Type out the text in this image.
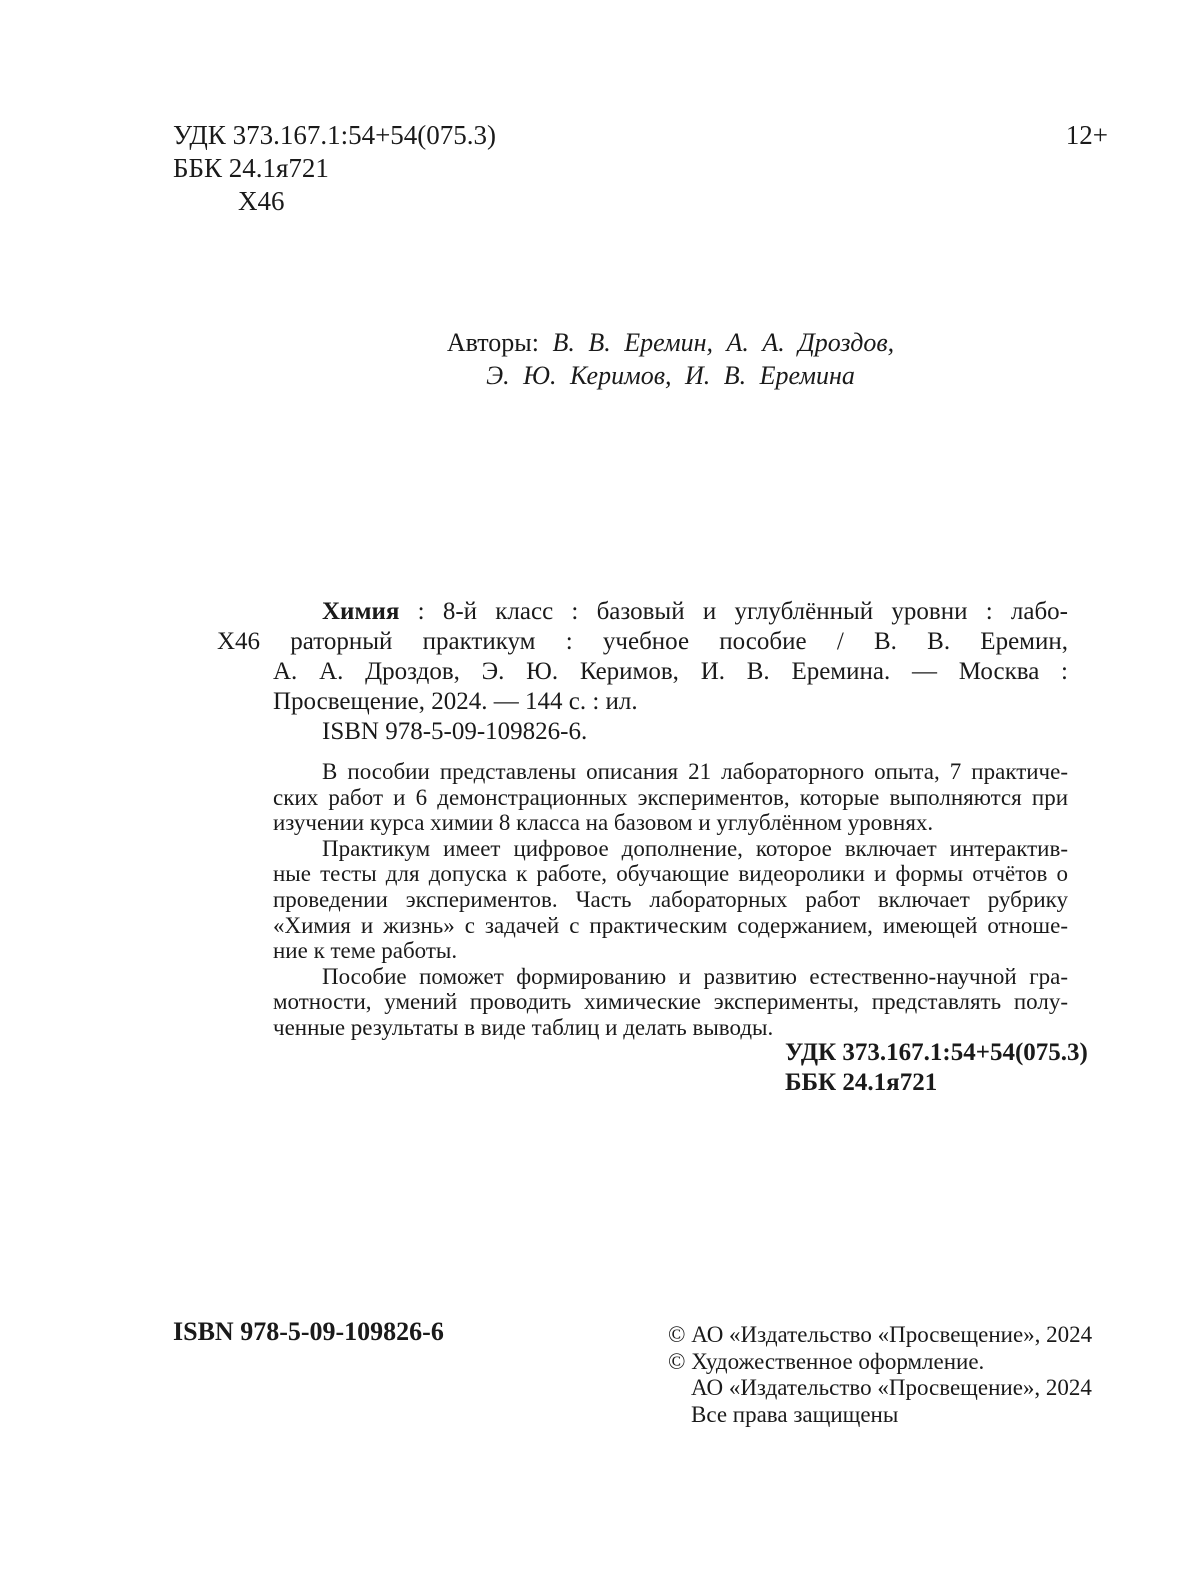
УДК 373.167.1:54+54(075.3)
ББК 24.1я721
Х46
12+
Авторы: В. В. Еремин, А. А. Дроздов,
Э. Ю. Керимов, И. В. Еремина
Химия : 8-й класс : базовый и углублённый уровни : лабо-
Х46 раторный практикум : учебное пособие / В. В. Еремин,
А. А. Дроздов, Э. Ю. Керимов, И. В. Еремина. — Москва :
Просвещение, 2024. — 144 с. : ил.
ISBN 978-5-09-109826-6.
В пособии представлены описания 21 лабораторного опыта, 7 практиче-
ских работ и 6 демонстрационных экспериментов, которые выполняются при
изучении курса химии 8 класса на базовом и углублённом уровнях.
Практикум имеет цифровое дополнение, которое включает интерактив-
ные тесты для допуска к работе, обучающие видеоролики и формы отчётов о
проведении экспериментов. Часть лабораторных работ включает рубрику
«Химия и жизнь» с задачей с практическим содержанием, имеющей отноше-
ние к теме работы.
Пособие поможет формированию и развитию естественно-научной гра-
мотности, умений проводить химические эксперименты, представлять полу-
ченные результаты в виде таблиц и делать выводы.
УДК 373.167.1:54+54(075.3)
ББК 24.1я721
ISBN 978-5-09-109826-6	© АО «Издательство «Просвещение», 2024
© Художественное оформление.
АО «Издательство «Просвещение», 2024
Все права защищены
